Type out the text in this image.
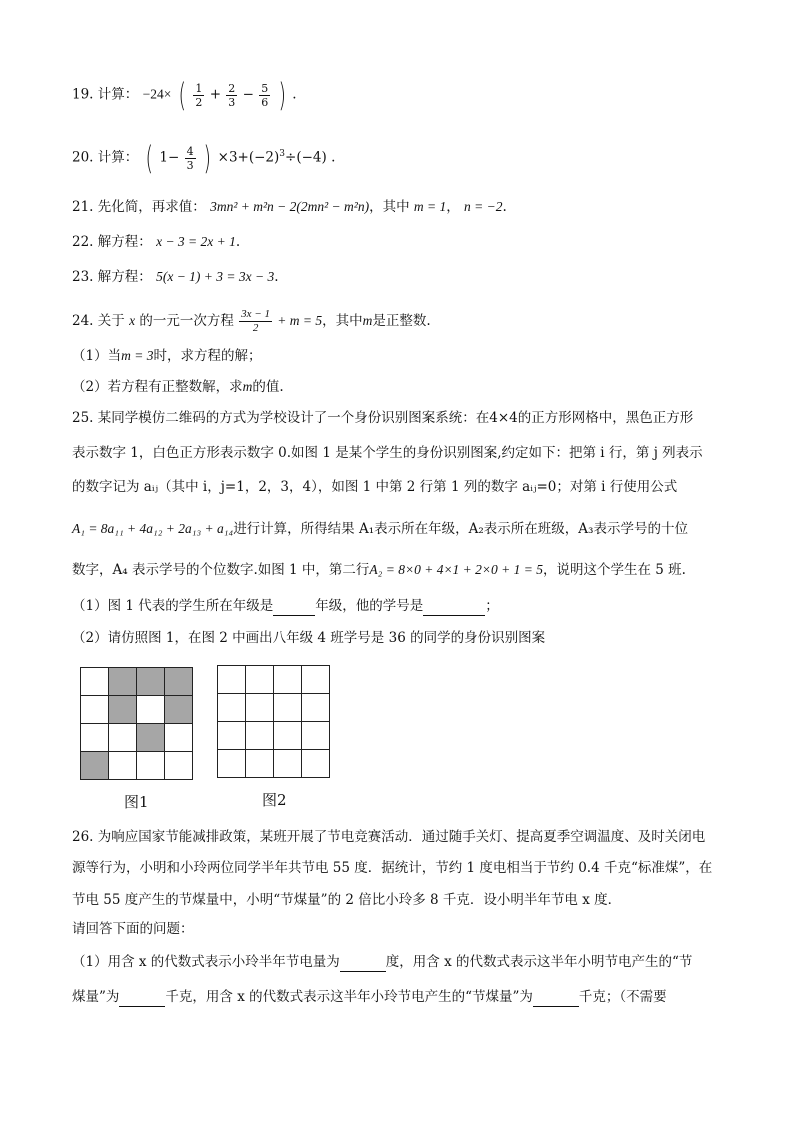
19. 计算： −24× ( $\frac{1}{2} + \frac{2}{3} - \frac{5}{6}$ ) .
20. 计算： ( $1- \frac{4}{3}$ ) $\times 3+(-2)^3\div(-4)$ .
21. 先化简，再求值： 3mn² + m²n − 2(2mn² − m²n)，其中 m = 1， n = −2.
22. 解方程： x − 3 = 2x + 1.
23. 解方程： 5(x − 1) + 3 = 3x − 3.
24. 关于 x 的一元一次方程 $\frac{3x - 1}{2} + m = 5$，其中m是正整数.
（1）当m = 3时，求方程的解；
（2）若方程有正整数解，求m的值.
25. 某同学模仿二维码的方式为学校设计了一个身份识别图案系统：在4×4的正方形网格中，黑色正方形
表示数字 1，白色正方形表示数字 0.如图 1 是某个学生的身份识别图案,约定如下：把第 i 行，第 j 列表示
的数字记为 aᵢⱼ（其中 i，j=1，2，3，4），如图 1 中第 2 行第 1 列的数字 aᵢⱼ=0；对第 i 行使用公式
A₁ = 8a₁₁ + 4a₁₂ + 2a₁₃ + a₁₄进行计算，所得结果 A₁表示所在年级，A₂表示所在班级，A₃表示学号的十位
数字，A₄ 表示学号的个位数字.如图 1 中，第二行A₂ = 8×0 + 4×1 + 2×0 + 1 = 5，说明这个学生在 5 班.
（1）图 1 代表的学生所在年级是	年级，他的学号是	；
（2）请仿照图 1，在图 2 中画出八年级 4 班学号是 36 的同学的身份识别图案

图1

				图2
26. 为响应国家节能减排政策，某班开展了节电竞赛活动．通过随手关灯、提高夏季空调温度、及时关闭电
源等行为，小明和小玲两位同学半年共节电 55 度．据统计，节约 1 度电相当于节约 0.4 千克“标准煤”，在
节电 55 度产生的节煤量中，小明“节煤量”的 2 倍比小玲多 8 千克．设小明半年节电 x 度．
请回答下面的问题：
（1）用含 x 的代数式表示小玲半年节电量为	度，用含 x 的代数式表示这半年小明节电产生的“节
煤量”为	千克，用含 x 的代数式表示这半年小玲节电产生的“节煤量”为	千克；（不需要
